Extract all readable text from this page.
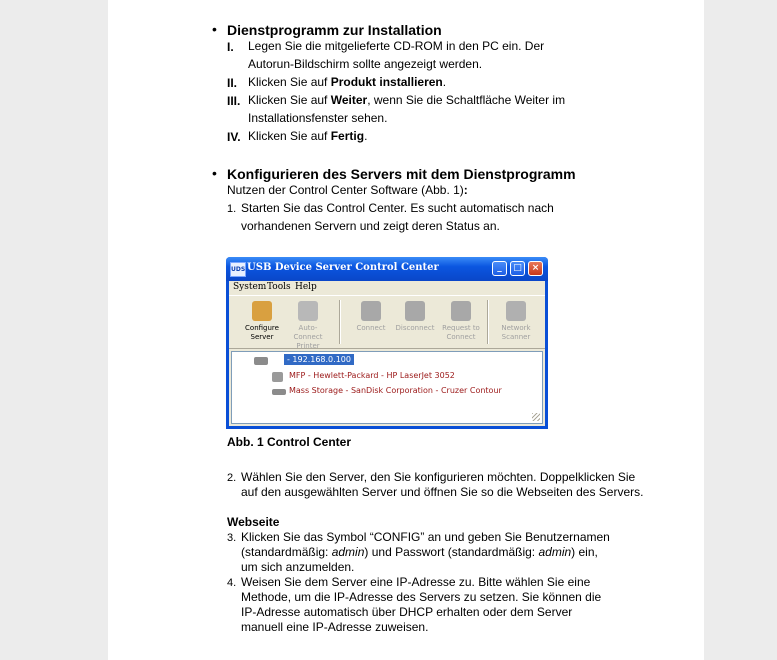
• Dienstprogramm zur Installation
I. Legen Sie die mitgelieferte CD-ROM in den PC ein. Der
Autorun-Bildschirm sollte angezeigt werden.
II. Klicken Sie auf Produkt installieren.
III. Klicken Sie auf Weiter, wenn Sie die Schaltfläche Weiter im
Installationsfenster sehen.
IV. Klicken Sie auf Fertig.
• Konfigurieren des Servers mit dem Dienstprogramm
Nutzen der Control Center Software (Abb. 1):
1. Starten Sie das Control Center. Es sucht automatisch nach
vorhandenen Servern und zeigt deren Status an.
UDS USB Device Server Control Center	_	□	×
System Tools Help
Configure
Server
Auto-Connect
Printer
Connect	Disconnect Request to
Connect
Network
Scanner
- 192.168.0.100
MFP - Hewlett-Packard - HP LaserJet 3052
Mass Storage - SanDisk Corporation - Cruzer Contour
Abb. 1 Control Center
2. Wählen Sie den Server, den Sie konfigurieren möchten. Doppelklicken Sie
auf den ausgewählten Server und öffnen Sie so die Webseiten des Servers.
Webseite
3. Klicken Sie das Symbol “CONFIG” an und geben Sie Benutzernamen
(standardmäßig: admin) und Passwort (standardmäßig: admin) ein,
um sich anzumelden.
4. Weisen Sie dem Server eine IP-Adresse zu. Bitte wählen Sie eine
Methode, um die IP-Adresse des Servers zu setzen. Sie können die
IP-Adresse automatisch über DHCP erhalten oder dem Server
manuell eine IP-Adresse zuweisen.
